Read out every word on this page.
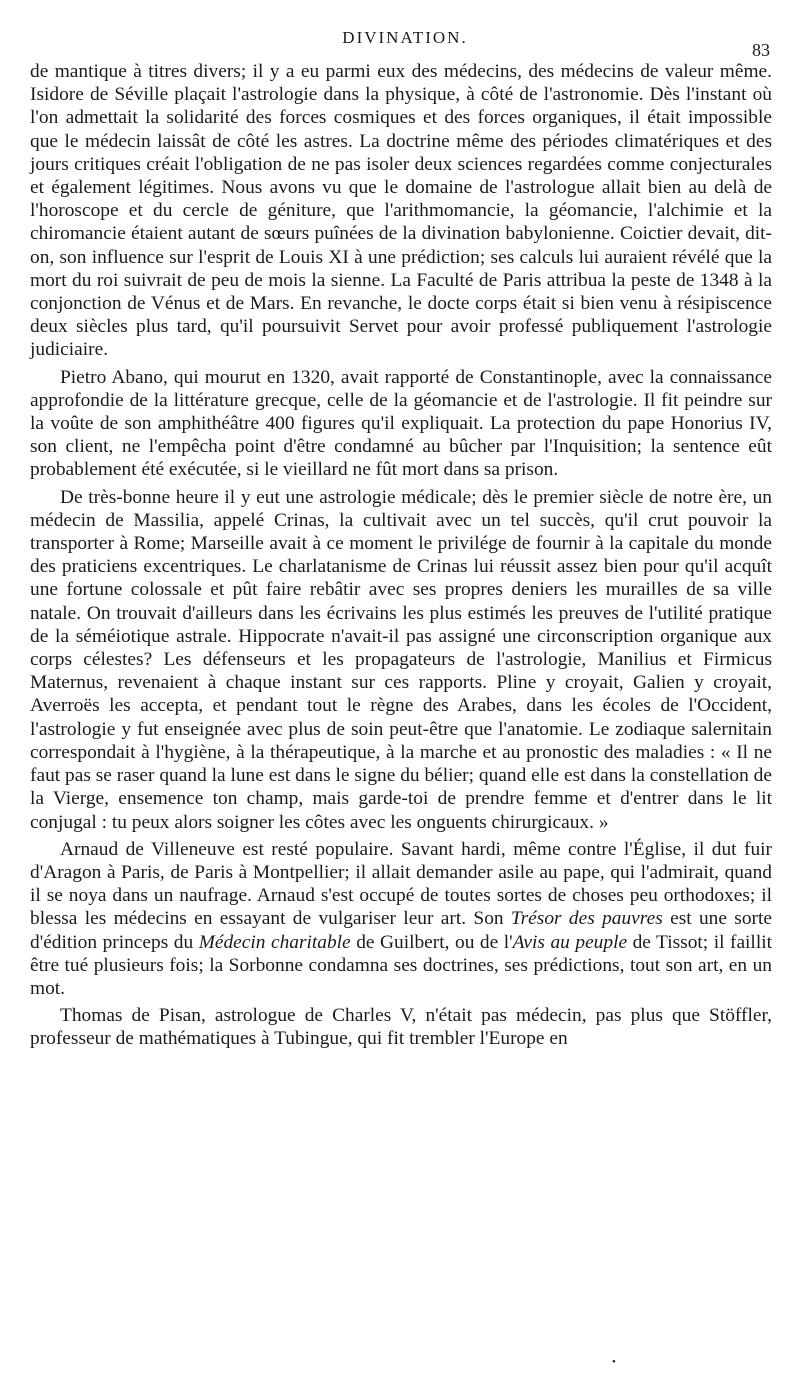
DIVINATION.
83

de mantique à titres divers; il y a eu parmi eux des médecins, des médecins de valeur même. Isidore de Séville plaçait l'astrologie dans la physique, à côté de l'astronomie. Dès l'instant où l'on admettait la solidarité des forces cosmiques et des forces organiques, il était impossible que le médecin laissât de côté les astres. La doctrine même des périodes climatériques et des jours critiques créait l'obligation de ne pas isoler deux sciences regardées comme conjecturales et également légitimes. Nous avons vu que le domaine de l'astrologue allait bien au delà de l'horoscope et du cercle de géniture, que l'arithmomancie, la géomancie, l'alchimie et la chiromancie étaient autant de sœurs puînées de la divination babylonienne. Coictier devait, dit-on, son influence sur l'esprit de Louis XI à une prédiction; ses calculs lui auraient révélé que la mort du roi suivrait de peu de mois la sienne. La Faculté de Paris attribua la peste de 1348 à la conjonction de Vénus et de Mars. En revanche, le docte corps était si bien venu à résipiscence deux siècles plus tard, qu'il poursuivit Servet pour avoir professé publiquement l'astrologie judiciaire.

Pietro Abano, qui mourut en 1320, avait rapporté de Constantinople, avec la connaissance approfondie de la littérature grecque, celle de la géomancie et de l'astrologie. Il fit peindre sur la voûte de son amphithéâtre 400 figures qu'il expliquait. La protection du pape Honorius IV, son client, ne l'empêcha point d'être condamné au bûcher par l'Inquisition; la sentence eût probablement été exécutée, si le vieillard ne fût mort dans sa prison.

De très-bonne heure il y eut une astrologie médicale; dès le premier siècle de notre ère, un médecin de Massilia, appelé Crinas, la cultivait avec un tel succès, qu'il crut pouvoir la transporter à Rome; Marseille avait à ce moment le privilége de fournir à la capitale du monde des praticiens excentriques. Le charlatanisme de Crinas lui réussit assez bien pour qu'il acquît une fortune colossale et pût faire rebâtir avec ses propres deniers les murailles de sa ville natale. On trouvait d'ailleurs dans les écrivains les plus estimés les preuves de l'utilité pratique de la séméiotique astrale. Hippocrate n'avait-il pas assigné une circonscription organique aux corps célestes? Les défenseurs et les propagateurs de l'astrologie, Manilius et Firmicus Maternus, revenaient à chaque instant sur ces rapports. Pline y croyait, Galien y croyait, Averroës les accepta, et pendant tout le règne des Arabes, dans les écoles de l'Occident, l'astrologie y fut enseignée avec plus de soin peut-être que l'anatomie. Le zodiaque salernitain correspondait à l'hygiène, à la thérapeutique, à la marche et au pronostic des maladies : « Il ne faut pas se raser quand la lune est dans le signe du bélier; quand elle est dans la constellation de la Vierge, ensemence ton champ, mais garde-toi de prendre femme et d'entrer dans le lit conjugal : tu peux alors soigner les côtes avec les onguents chirurgicaux. »

Arnaud de Villeneuve est resté populaire. Savant hardi, même contre l'Église, il dut fuir d'Aragon à Paris, de Paris à Montpellier; il allait demander asile au pape, qui l'admirait, quand il se noya dans un naufrage. Arnaud s'est occupé de toutes sortes de choses peu orthodoxes; il blessa les médecins en essayant de vulgariser leur art. Son Trésor des pauvres est une sorte d'édition princeps du Médecin charitable de Guilbert, ou de l'Avis au peuple de Tissot; il faillit être tué plusieurs fois; la Sorbonne condamna ses doctrines, ses prédictions, tout son art, en un mot.

Thomas de Pisan, astrologue de Charles V, n'était pas médecin, pas plus que Stöffler, professeur de mathématiques à Tubingue, qui fit trembler l'Europe en

•
